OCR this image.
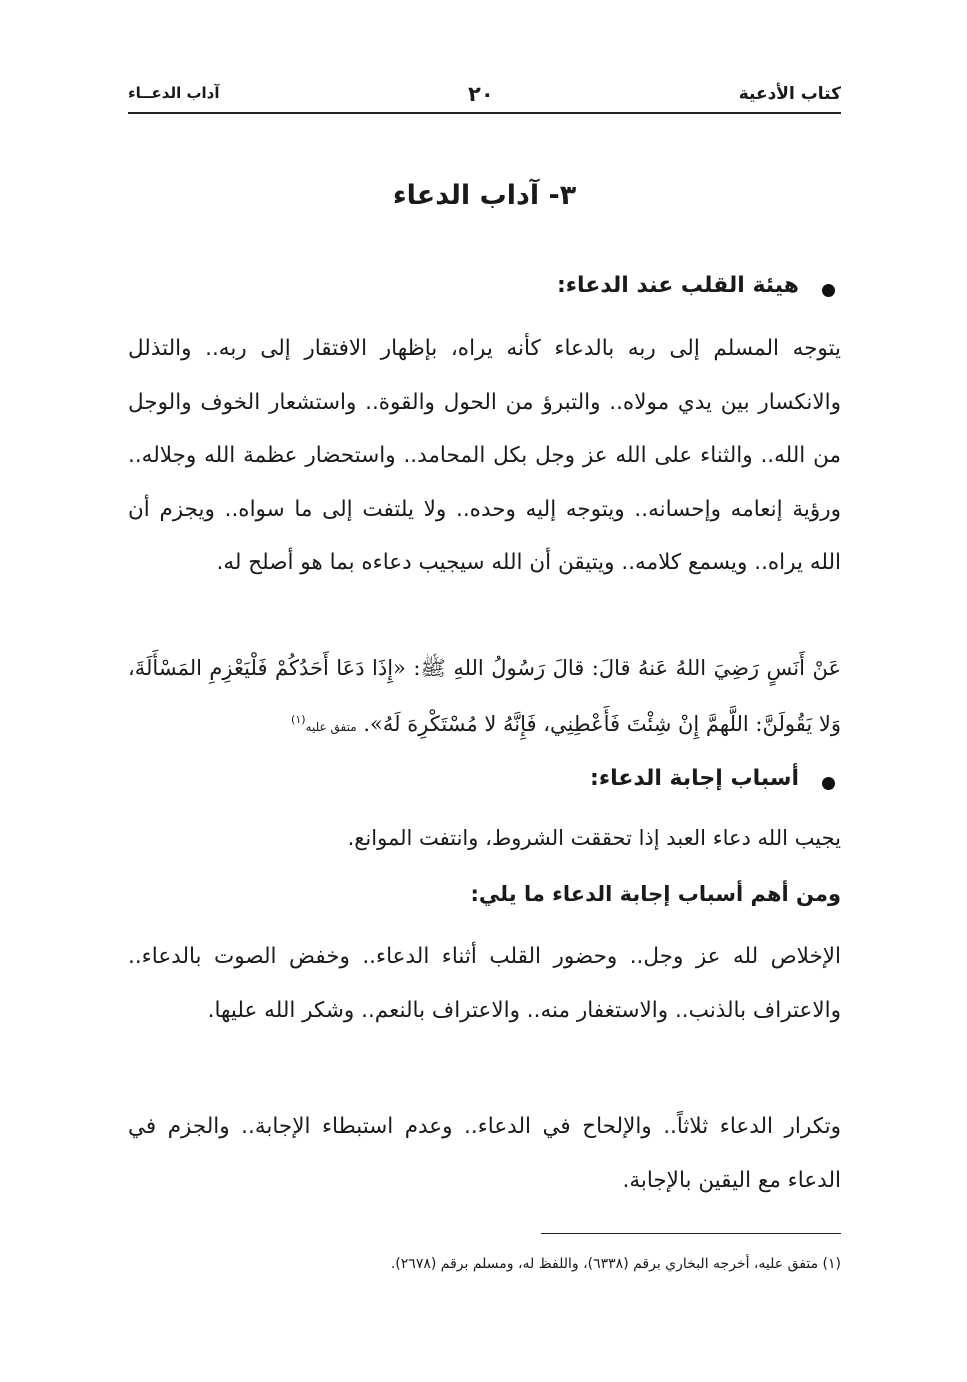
كتاب الأدعية
٢٠
آداب الدعــاء
٣- آداب الدعاء
هيئة القلب عند الدعاء:

يتوجه المسلم إلى ربه بالدعاء كأنه يراه، بإظهار الافتقار إلى ربه.. والتذلل والانكسار بين يدي مولاه.. والتبرؤ من الحول والقوة.. واستشعار الخوف والوجل من الله.. والثناء على الله عز وجل بكل المحامد.. واستحضار عظمة الله وجلاله.. ورؤية إنعامه وإحسانه.. ويتوجه إليه وحده.. ولا يلتفت إلى ما سواه.. ويجزم أن الله يراه.. ويسمع كلامه.. ويتيقن أن الله سيجيب دعاءه بما هو أصلح له.

عَنْ أَنَسٍ رَضِيَ اللهُ عَنهُ قالَ: قالَ رَسُولُ اللهِ ﷺ: «إِذَا دَعَا أَحَدُكُمْ فَلْيَعْزِمِ المَسْأَلَةَ، وَلا يَقُولَنَّ: اللَّهمَّ إِنْ شِئْتَ فَأَعْطِنِي، فَإِنَّهُ لا مُسْتَكْرِهَ لَهُ». متفق عليه$^{(١)}$

أسباب إجابة الدعاء:

يجيب الله دعاء العبد إذا تحققت الشروط، وانتفت الموانع.

ومن أهم أسباب إجابة الدعاء ما يلي:

الإخلاص لله عز وجل.. وحضور القلب أثناء الدعاء.. وخفض الصوت بالدعاء.. والاعتراف بالذنب.. والاستغفار منه.. والاعتراف بالنعم.. وشكر الله عليها.

وتكرار الدعاء ثلاثاً.. والإلحاح في الدعاء.. وعدم استبطاء الإجابة.. والجزم في الدعاء مع اليقين بالإجابة.

(١) متفق عليه، أخرجه البخاري برقم (٦٣٣٨)، واللفظ له، ومسلم برقم (٢٦٧٨).
